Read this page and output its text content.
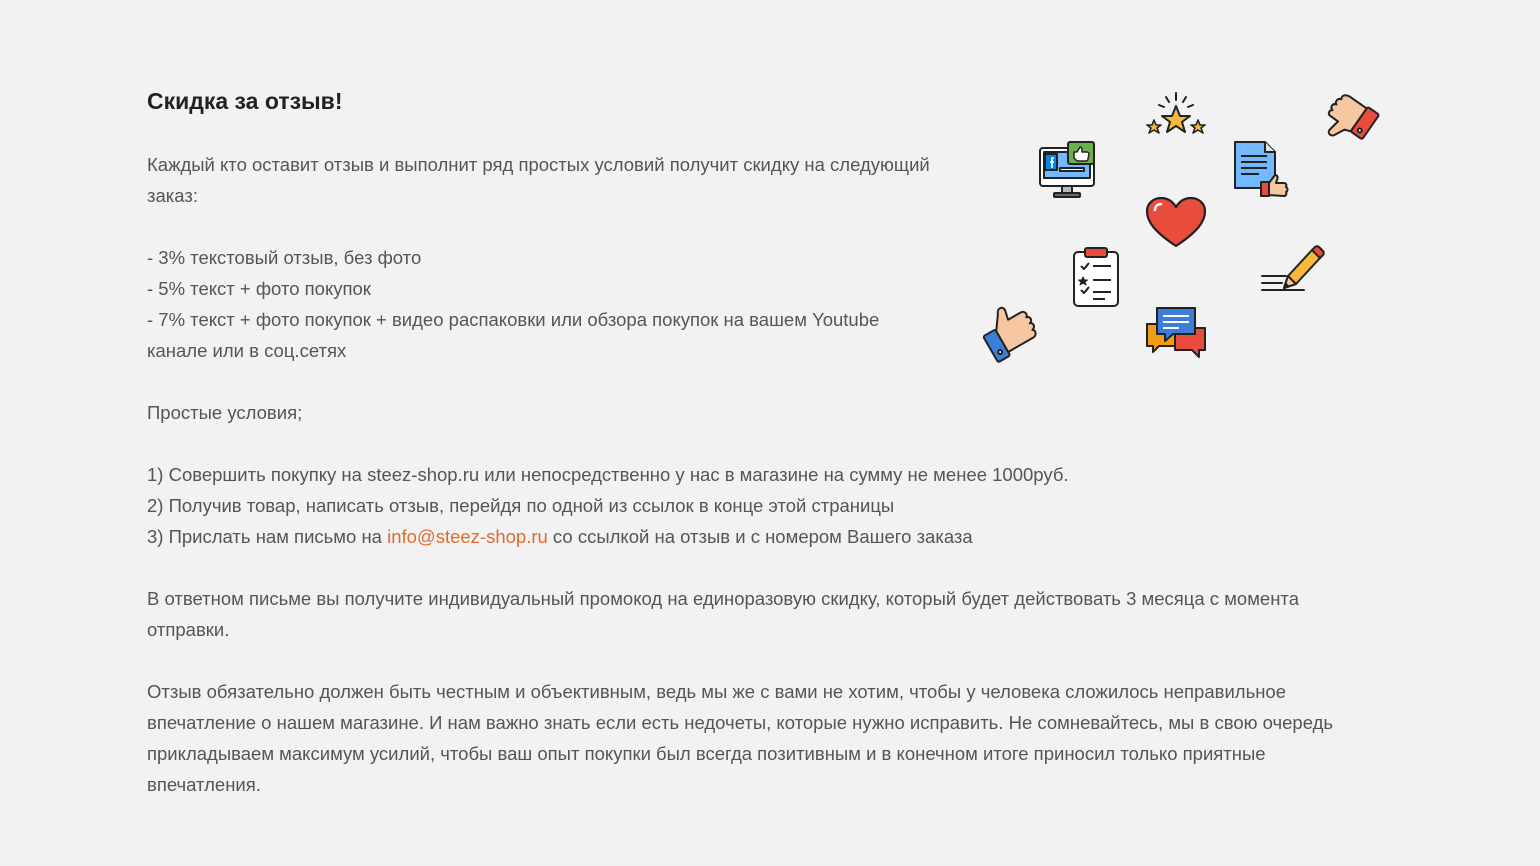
Скидка за отзыв!

Каждый кто оставит отзыв и выполнит ряд простых условий получит скидку на следующий заказ:

- 3% текстовый отзыв, без фото
- 5% текст + фото покупок
- 7% текст + фото покупок + видео распаковки или обзора покупок на вашем Youtube канале или в соц.сетях

Простые условия;

1) Совершить покупку на steez-shop.ru или непосредственно у нас в магазине на сумму не менее 1000руб.
2) Получив товар, написать отзыв, перейдя по одной из ссылок в конце этой страницы
3) Прислать нам письмо на info@steez-shop.ru со ссылкой на отзыв и с номером Вашего заказа

В ответном письме вы получите индивидуальный промокод на единоразовую скидку, который будет действовать 3 месяца с момента отправки.

Отзыв обязательно должен быть честным и объективным, ведь мы же с вами не хотим, чтобы у человека сложилось неправильное впечатление о нашем магазине. И нам важно знать если есть недочеты, которые нужно исправить. Не сомневайтесь, мы в свою очередь прикладываем максимум усилий, чтобы ваш опыт покупки был всегда позитивным и в конечном итоге приносил только приятные впечатления.
